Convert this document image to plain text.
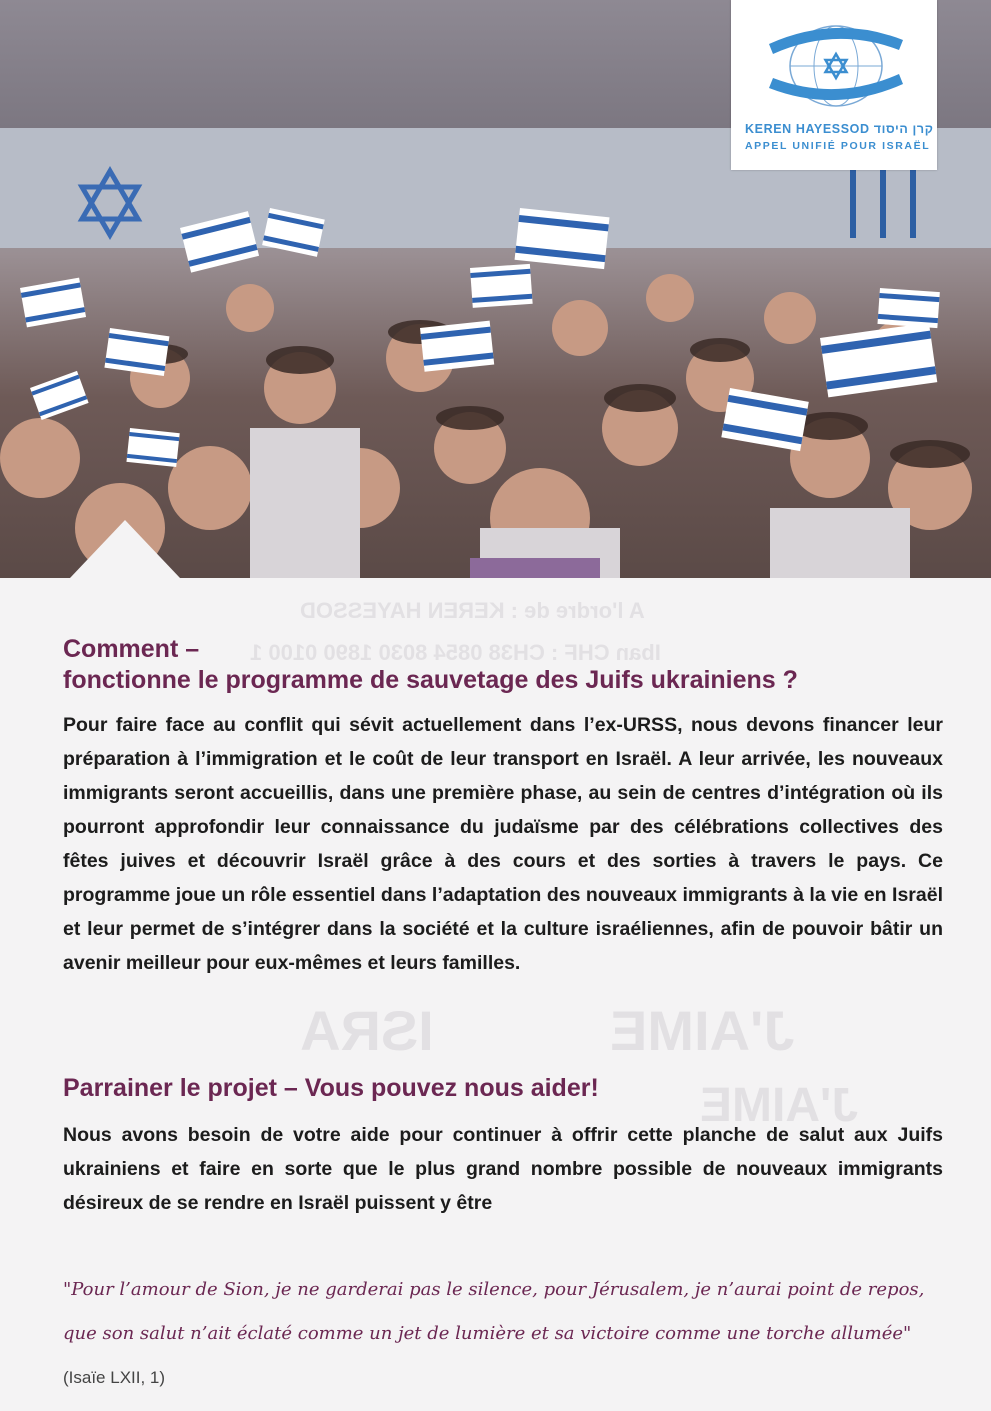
KEREN HAYESSOD קרן היסוד
APPEL UNIFIÉ POUR ISRAËL
A l'ordre de : KEREN HAYESSOD
Iban CHF : CH38 0854 8030 1890 0100 1
J'AIME
ISRA
J'AIME
Comment –
fonctionne le programme de sauvetage des Juifs ukrainiens ?

Pour faire face au conflit qui sévit actuellement dans l’ex-URSS, nous devons financer leur préparation à l’immigration et le coût de leur transport en Israël. A leur arrivée, les nouveaux immigrants seront accueillis, dans une première phase, au sein de centres d’intégration où ils pourront approfondir leur connaissance du judaïsme par des célébrations collectives des fêtes juives et découvrir Israël grâce à des cours et des sorties à travers le pays. Ce programme joue un rôle essentiel dans l’adaptation des nouveaux immigrants à la vie en Israël et leur permet de s’intégrer dans la société et la culture israéliennes, afin de pouvoir bâtir un avenir meilleur pour eux-mêmes et leurs familles.

Parrainer le projet – Vous pouvez nous aider!

Nous avons besoin de votre aide pour continuer à offrir cette planche de salut aux Juifs ukrainiens et faire en sorte que le plus grand nombre possible de nouveaux immigrants désireux de se rendre en Israël puissent y être

"Pour l’amour de Sion, je ne garderai pas le silence, pour Jérusalem, je n’aurai point de repos, que son salut n’ait éclaté comme un jet de lumière et sa victoire comme une torche allumée" (Isaïe LXII, 1)
